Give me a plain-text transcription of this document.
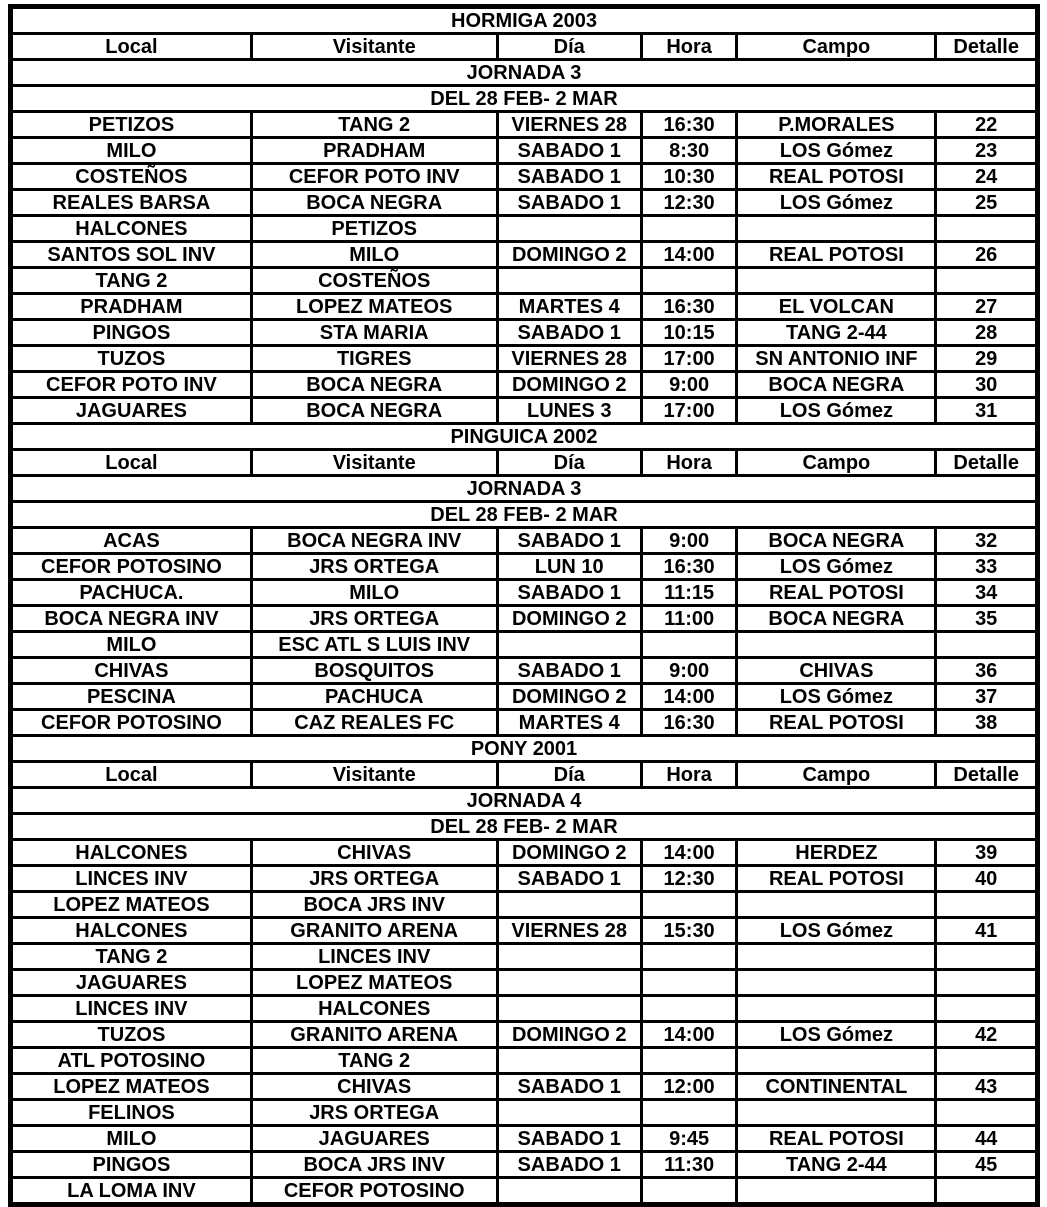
HORMIGA 2003					
Local	Visitante	Día	Hora	Campo	Detalle
JORNADA 3					
DEL 28 FEB- 2 MAR					
PETIZOS	TANG 2	VIERNES 28	16:30	P.MORALES	22
MILO	PRADHAM	SABADO 1	8:30	LOS Gómez	23
COSTEÑOS	CEFOR POTO INV	SABADO 1	10:30	REAL POTOSI	24
REALES BARSA	BOCA NEGRA	SABADO 1	12:30	LOS Gómez	25
HALCONES	PETIZOS				
SANTOS SOL INV	MILO	DOMINGO 2	14:00	REAL POTOSI	26
TANG 2	COSTEÑOS				
PRADHAM	LOPEZ MATEOS	MARTES 4	16:30	EL VOLCAN	27
PINGOS	STA MARIA	SABADO 1	10:15	TANG 2-44	28
TUZOS	TIGRES	VIERNES 28	17:00	SN ANTONIO INF	29
CEFOR POTO INV	BOCA NEGRA	DOMINGO 2	9:00	BOCA NEGRA	30
JAGUARES	BOCA NEGRA	LUNES 3	17:00	LOS Gómez	31
PINGUICA 2002					
Local	Visitante	Día	Hora	Campo	Detalle
JORNADA 3					
DEL 28 FEB- 2 MAR					
ACAS	BOCA NEGRA INV	SABADO 1	9:00	BOCA NEGRA	32
CEFOR POTOSINO	JRS ORTEGA	LUN 10	16:30	LOS Gómez	33
PACHUCA.	MILO	SABADO 1	11:15	REAL POTOSI	34
BOCA NEGRA INV	JRS ORTEGA	DOMINGO 2	11:00	BOCA NEGRA	35
MILO	ESC ATL S LUIS INV				
CHIVAS	BOSQUITOS	SABADO 1	9:00	CHIVAS	36
PESCINA	PACHUCA	DOMINGO 2	14:00	LOS Gómez	37
CEFOR POTOSINO	CAZ REALES FC	MARTES 4	16:30	REAL POTOSI	38
PONY 2001					
Local	Visitante	Día	Hora	Campo	Detalle
JORNADA 4					
DEL 28 FEB- 2 MAR					
HALCONES	CHIVAS	DOMINGO 2	14:00	HERDEZ	39
LINCES INV	JRS ORTEGA	SABADO 1	12:30	REAL POTOSI	40
LOPEZ MATEOS	BOCA JRS INV				
HALCONES	GRANITO ARENA	VIERNES 28	15:30	LOS Gómez	41
TANG 2	LINCES INV				
JAGUARES	LOPEZ MATEOS				
LINCES INV	HALCONES				
TUZOS	GRANITO ARENA	DOMINGO 2	14:00	LOS Gómez	42
ATL POTOSINO	TANG 2				
LOPEZ MATEOS	CHIVAS	SABADO 1	12:00	CONTINENTAL	43
FELINOS	JRS ORTEGA				
MILO	JAGUARES	SABADO 1	9:45	REAL POTOSI	44
PINGOS	BOCA JRS INV	SABADO 1	11:30	TANG 2-44	45
LA LOMA INV	CEFOR POTOSINO				
